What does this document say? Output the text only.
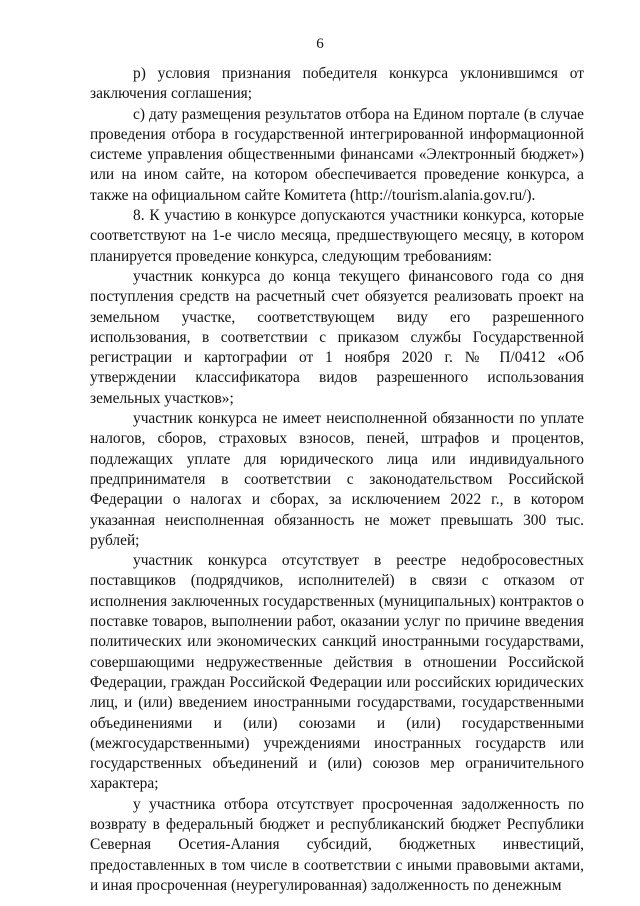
6

р) условия признания победителя конкурса уклонившимся от заключения соглашения;

с) дату размещения результатов отбора на Едином портале (в случае проведения отбора в государственной интегрированной информационной системе управления общественными финансами «Электронный бюджет») или на ином сайте, на котором обеспечивается проведение конкурса, а также на официальном сайте Комитета (http://tourism.alania.gov.ru/).

8. К участию в конкурсе допускаются участники конкурса, которые соответствуют на 1-е число месяца, предшествующего месяцу, в котором планируется проведение конкурса, следующим требованиям:

участник конкурса до конца текущего финансового года со дня поступления средств на расчетный счет обязуется реализовать проект на земельном участке, соответствующем виду его разрешенного использования, в соответствии с приказом службы Государственной регистрации и картографии от 1 ноября 2020 г. № П/0412 «Об утверждении классификатора видов разрешенного использования земельных участков»;

участник конкурса не имеет неисполненной обязанности по уплате налогов, сборов, страховых взносов, пеней, штрафов и процентов, подлежащих уплате для юридического лица или индивидуального предпринимателя в соответствии с законодательством Российской Федерации о налогах и сборах, за исключением 2022 г., в котором указанная неисполненная обязанность не может превышать 300 тыс. рублей;

участник конкурса отсутствует в реестре недобросовестных поставщиков (подрядчиков, исполнителей) в связи с отказом от исполнения заключенных государственных (муниципальных) контрактов о поставке товаров, выполнении работ, оказании услуг по причине введения политических или экономических санкций иностранными государствами, совершающими недружественные действия в отношении Российской Федерации, граждан Российской Федерации или российских юридических лиц, и (или) введением иностранными государствами, государственными объединениями и (или) союзами и (или) государственными (межгосударственными) учреждениями иностранных государств или государственных объединений и (или) союзов мер ограничительного характера;

у участника отбора отсутствует просроченная задолженность по возврату в федеральный бюджет и республиканский бюджет Республики Северная Осетия-Алания субсидий, бюджетных инвестиций, предоставленных в том числе в соответствии с иными правовыми актами, и иная просроченная (неурегулированная) задолженность по денежным
